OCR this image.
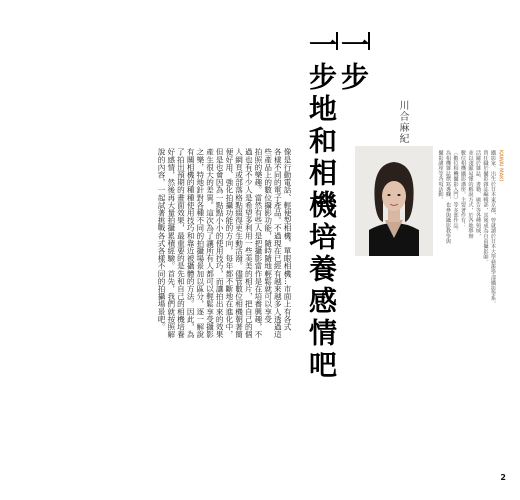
一步
一步地和相機培養感情吧	川合麻紀
像是行動電話、輕便型相機、單眼相機…市面上有各式
各樣不同的電子產品。不過現在已經有越來越多人透過這
些產品上的數位攝影功能，隨時隨地輕鬆就可以享受
拍照的樂趣。當然有些人是把攝影當作是在培養興趣，不
過也有不少人是希望多利用一些美美的相片，把自己的個
人網頁或部落格點綴得更生動活潑。儘管數位相機朝著簡
便好用、強化拍攝功能的方向，每年都不斷地在進化中，
但是也會因為一點點小小的使用技巧，而讓拍出來的效果
產生很大的差異。這次為了讓所有人都可以輕鬆享受攝影
之樂，特地針對各種不同的拍攝場景加以區分，逐一解說
有關相機的種種使用技巧和靠近被攝體的方法。因此，為
了拍出預期的畫面效果，最重要的是先和自己的相機培養
好感情，然後再大量拍攝累積經驗。首先，我們就按照解
說的內容，一起試著挑戰各式各樣不同的拍攝場景吧。	KAWAI MAKI
攝影家。出生於日本東京都，曾就讀於日本大學藝術學部攝影學系。
曾任職於攝影雜誌編輯部，其後成為自由攝影師。
活躍於雜誌、書籍、廣告等各種領域，
並以淺顯易懂的解說方式，於各地舉辦
數位相機攝影講座。主要著作有：
《數位相機攝影入門》等多部作品。
為相機雜誌撰寫專欄，也參與攝影教學與
攝影講座等各項活動。
2
